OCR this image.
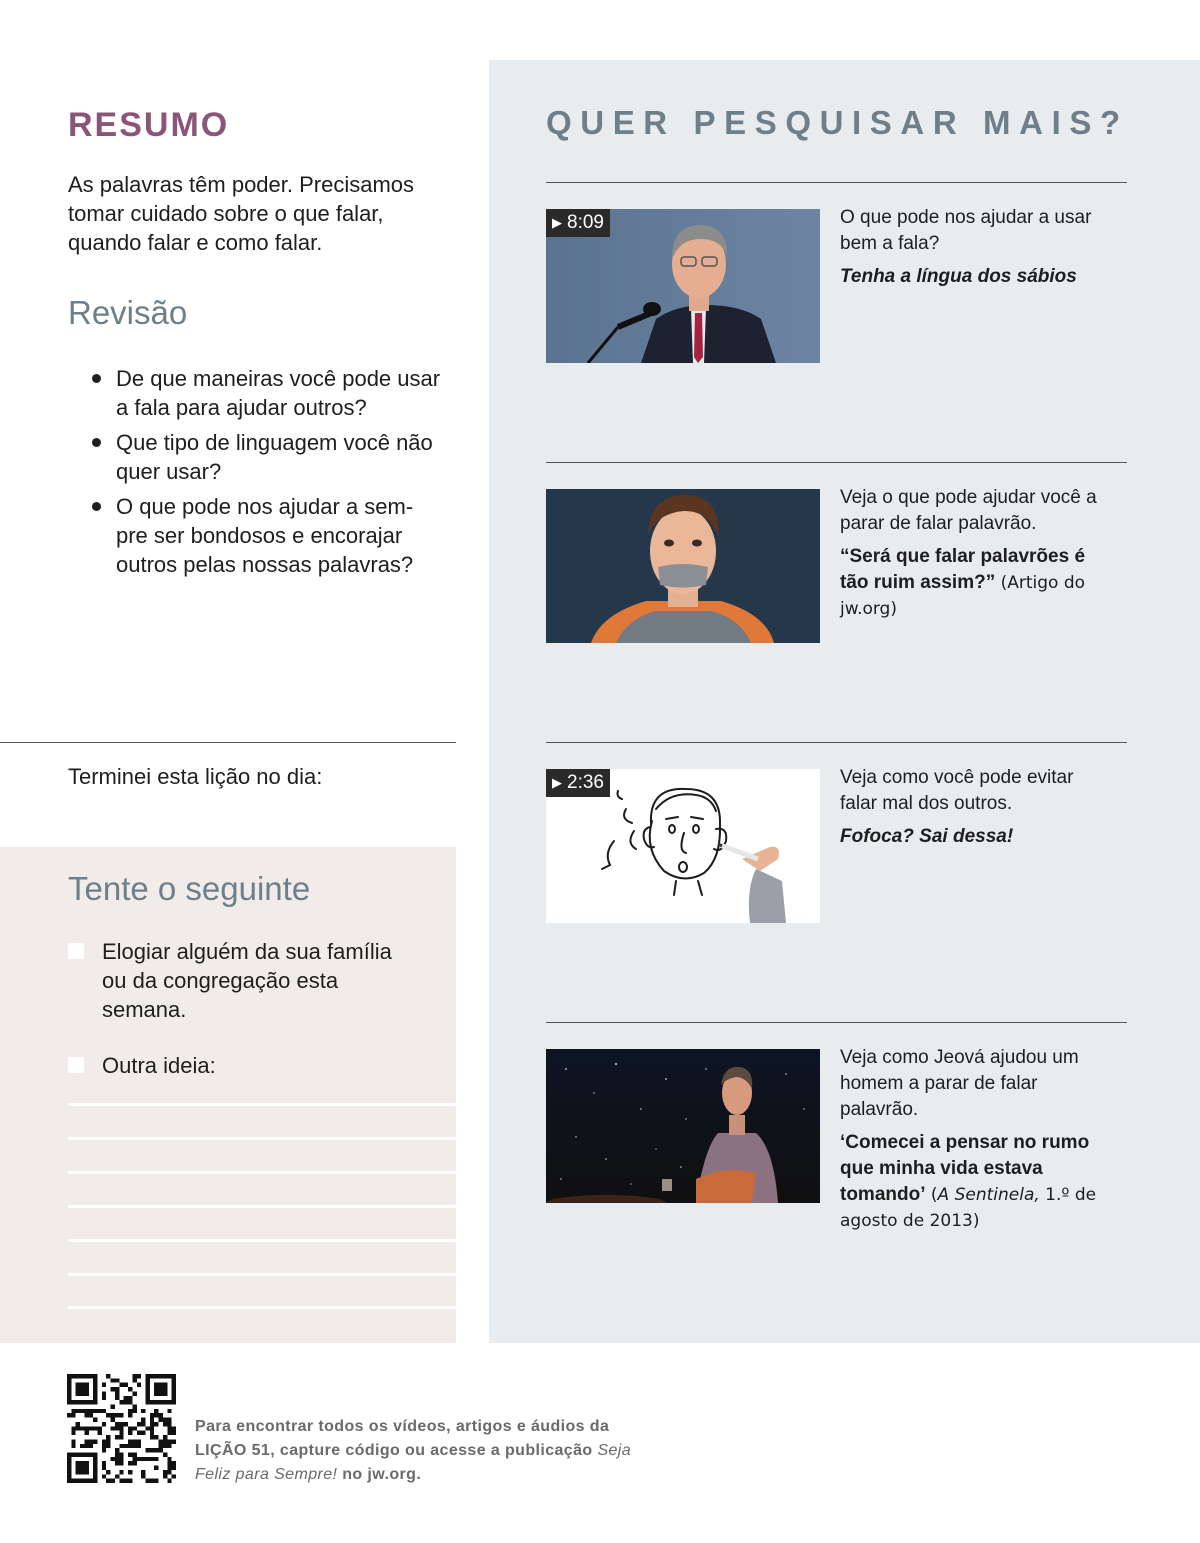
RESUMO

As palavras têm poder. Precisamos tomar cuidado sobre o que falar, quando falar e como falar.

Revisão
De que maneiras você pode usar a fala para ajudar outros?
Que tipo de linguagem você não quer usar?
O que pode nos ajudar a sem-pre ser bondosos e encorajar outros pelas nossas palavras?

Terminei esta lição no dia:

Tente o seguinte
Elogiar alguém da sua família ou da congregação esta semana.
Outra ideia:
QUER PESQUISAR MAIS?
▶ 8:09	O que pode nos ajudar a usar bem a fala?

Tenha a língua dos sábios

Veja o que pode ajudar você a parar de falar palavrão.

“Será que falar palavrões é tão ruim assim?” (Artigo do jw.org)

▶ 2:36	Veja como você pode evitar falar mal dos outros.

Fofoca? Sai dessa!

Veja como Jeová ajudou um homem a parar de falar palavrão.

‘Comecei a pensar no rumo que minha vida estava tomando’ (A Sentinela, 1.º de agosto de 2013)

Para encontrar todos os vídeos, artigos e áudios da LIÇÃO 51, capture código ou acesse a publicação Seja Feliz para Sempre! no jw.org.
